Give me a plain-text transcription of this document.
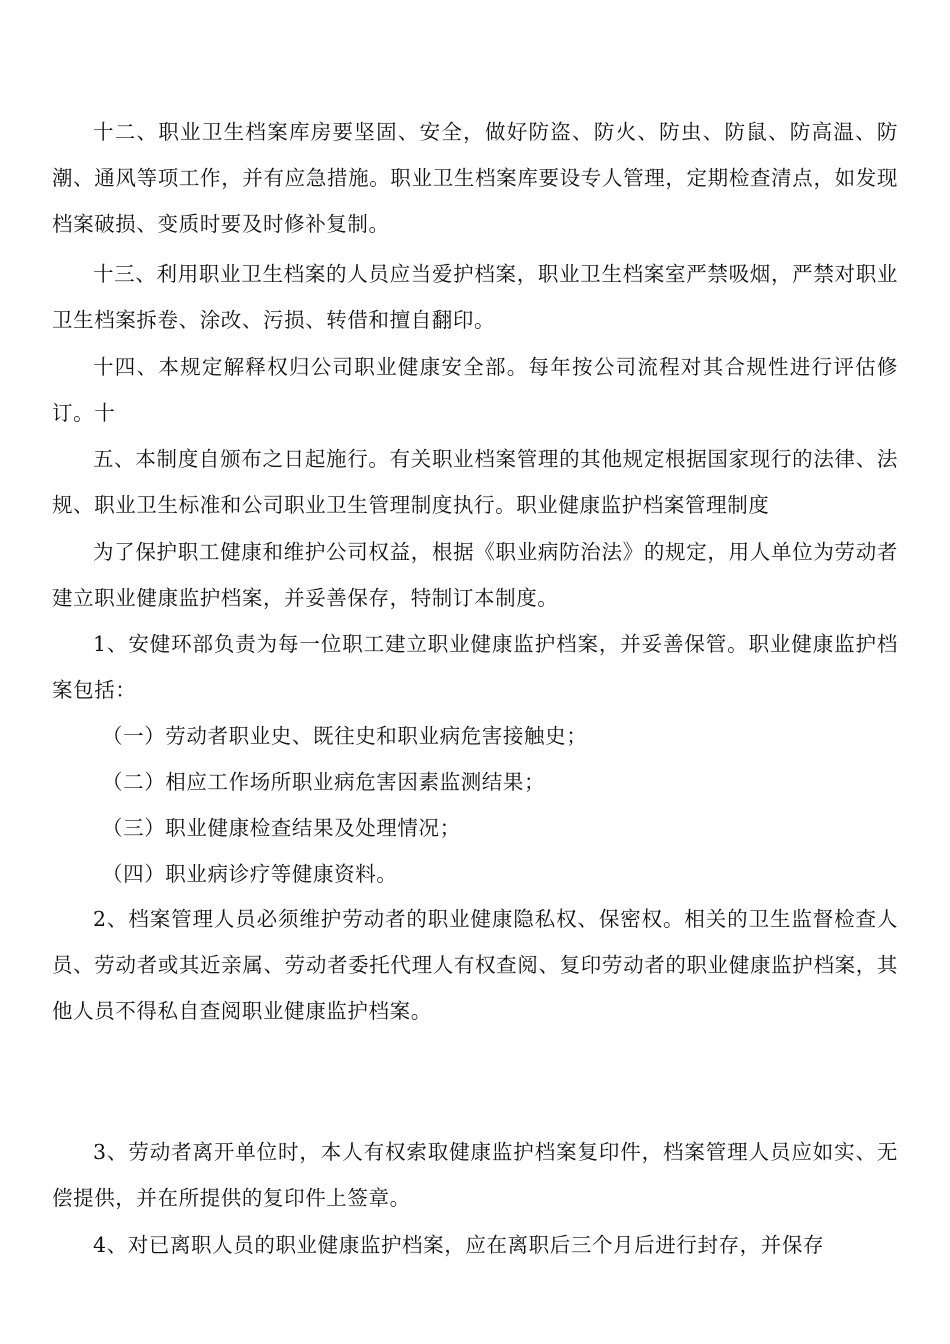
十二、职业卫生档案库房要坚固、安全，做好防盗、防火、防虫、防鼠、防高温、防潮、通风等项工作，并有应急措施。职业卫生档案库要设专人管理，定期检查清点，如发现档案破损、变质时要及时修补复制。

十三、利用职业卫生档案的人员应当爱护档案，职业卫生档案室严禁吸烟，严禁对职业卫生档案拆卷、涂改、污损、转借和擅自翻印。

十四、本规定解释权归公司职业健康安全部。每年按公司流程对其合规性进行评估修订。十

五、本制度自颁布之日起施行。有关职业档案管理的其他规定根据国家现行的法律、法规、职业卫生标准和公司职业卫生管理制度执行。职业健康监护档案管理制度

为了保护职工健康和维护公司权益，根据《职业病防治法》的规定，用人单位为劳动者建立职业健康监护档案，并妥善保存，特制订本制度。

1、安健环部负责为每一位职工建立职业健康监护档案，并妥善保管。职业健康监护档案包括：

（一）劳动者职业史、既往史和职业病危害接触史；

（二）相应工作场所职业病危害因素监测结果；

（三）职业健康检查结果及处理情况；

（四）职业病诊疗等健康资料。

2、档案管理人员必须维护劳动者的职业健康隐私权、保密权。相关的卫生监督检查人员、劳动者或其近亲属、劳动者委托代理人有权查阅、复印劳动者的职业健康监护档案，其他人员不得私自查阅职业健康监护档案。

3、劳动者离开单位时，本人有权索取健康监护档案复印件，档案管理人员应如实、无偿提供，并在所提供的复印件上签章。

4、对已离职人员的职业健康监护档案，应在离职后三个月后进行封存，并保存
